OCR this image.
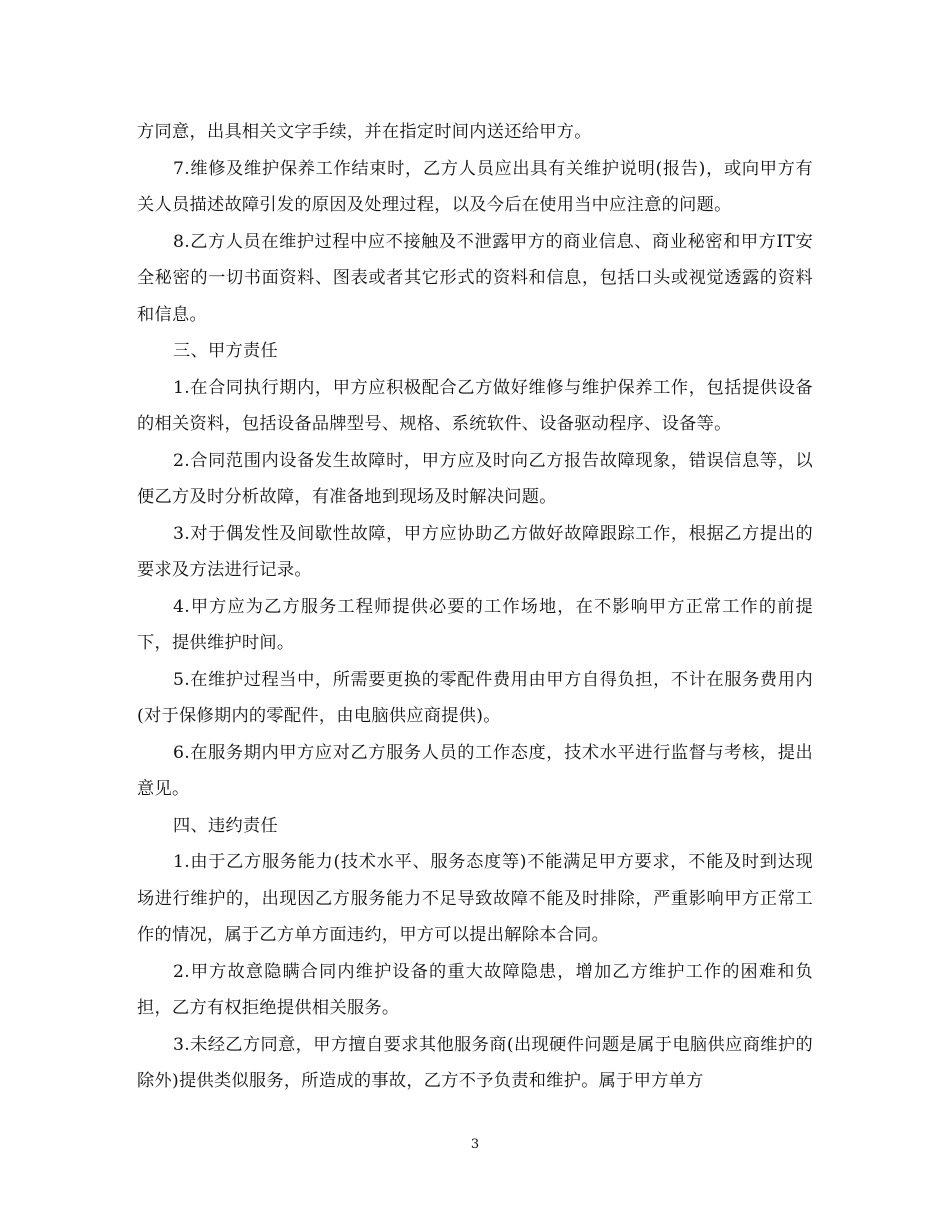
方同意，出具相关文字手续，并在指定时间内送还给甲方。

7.维修及维护保养工作结束时，乙方人员应出具有关维护说明(报告)，或向甲方有关人员描述故障引发的原因及处理过程，以及今后在使用当中应注意的问题。

8.乙方人员在维护过程中应不接触及不泄露甲方的商业信息、商业秘密和甲方IT安全秘密的一切书面资料、图表或者其它形式的资料和信息，包括口头或视觉透露的资料和信息。

三、甲方责任

1.在合同执行期内，甲方应积极配合乙方做好维修与维护保养工作，包括提供设备的相关资料，包括设备品牌型号、规格、系统软件、设备驱动程序、设备等。

2.合同范围内设备发生故障时，甲方应及时向乙方报告故障现象，错误信息等，以便乙方及时分析故障，有准备地到现场及时解决问题。

3.对于偶发性及间歇性故障，甲方应协助乙方做好故障跟踪工作，根据乙方提出的要求及方法进行记录。

4.甲方应为乙方服务工程师提供必要的工作场地，在不影响甲方正常工作的前提下，提供维护时间。

5.在维护过程当中，所需要更换的零配件费用由甲方自得负担，不计在服务费用内(对于保修期内的零配件，由电脑供应商提供)。

6.在服务期内甲方应对乙方服务人员的工作态度，技术水平进行监督与考核，提出意见。

四、违约责任

1.由于乙方服务能力(技术水平、服务态度等)不能满足甲方要求，不能及时到达现场进行维护的，出现因乙方服务能力不足导致故障不能及时排除，严重影响甲方正常工作的情况，属于乙方单方面违约，甲方可以提出解除本合同。

2.甲方故意隐瞒合同内维护设备的重大故障隐患，增加乙方维护工作的困难和负担，乙方有权拒绝提供相关服务。

3.未经乙方同意，甲方擅自要求其他服务商(出现硬件问题是属于电脑供应商维护的除外)提供类似服务，所造成的事故，乙方不予负责和维护。属于甲方单方

3
